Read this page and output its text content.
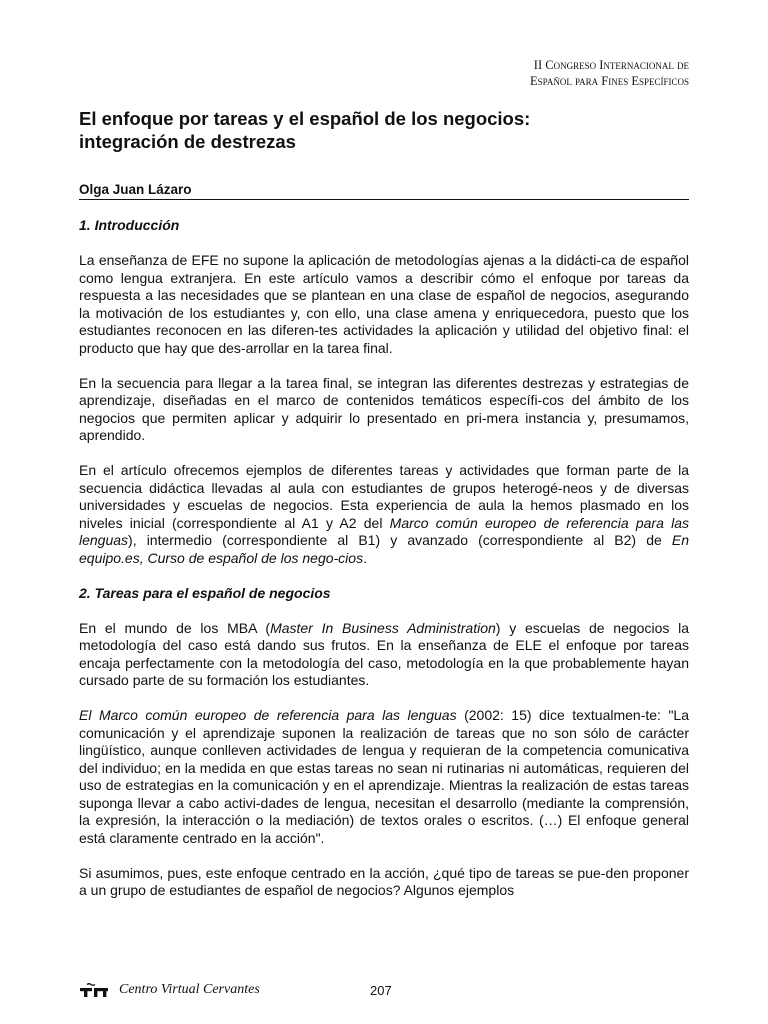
II Congreso Internacional de
Español para Fines Específicos
El enfoque por tareas y el español de los negocios:
integración de destrezas
Olga Juan Lázaro
1. Introducción

La enseñanza de EFE no supone la aplicación de metodologías ajenas a la didácti-ca de español como lengua extranjera. En este artículo vamos a describir cómo el enfoque por tareas da respuesta a las necesidades que se plantean en una clase de español de negocios, asegurando la motivación de los estudiantes y, con ello, una clase amena y enriquecedora, puesto que los estudiantes reconocen en las diferen-tes actividades la aplicación y utilidad del objetivo final: el producto que hay que des-arrollar en la tarea final.

En la secuencia para llegar a la tarea final, se integran las diferentes destrezas y estrategias de aprendizaje, diseñadas en el marco de contenidos temáticos específi-cos del ámbito de los negocios que permiten aplicar y adquirir lo presentado en pri-mera instancia y, presumamos, aprendido.

En el artículo ofrecemos ejemplos de diferentes tareas y actividades que forman parte de la secuencia didáctica llevadas al aula con estudiantes de grupos heterogé-neos y de diversas universidades y escuelas de negocios. Esta experiencia de aula la hemos plasmado en los niveles inicial (correspondiente al A1 y A2 del Marco común europeo de referencia para las lenguas), intermedio (correspondiente al B1) y avanzado (correspondiente al B2) de En equipo.es, Curso de español de los nego-cios.

2. Tareas para el español de negocios

En el mundo de los MBA (Master In Business Administration) y escuelas de negocios la metodología del caso está dando sus frutos. En la enseñanza de ELE el enfoque por tareas encaja perfectamente con la metodología del caso, metodología en la que probablemente hayan cursado parte de su formación los estudiantes.

El Marco común europeo de referencia para las lenguas (2002: 15) dice textualmen-te: "La comunicación y el aprendizaje suponen la realización de tareas que no son sólo de carácter lingüístico, aunque conlleven actividades de lengua y requieran de la competencia comunicativa del individuo; en la medida en que estas tareas no sean ni rutinarias ni automáticas, requieren del uso de estrategias en la comunicación y en el aprendizaje. Mientras la realización de estas tareas suponga llevar a cabo activi-dades de lengua, necesitan el desarrollo (mediante la comprensión, la expresión, la interacción o la mediación) de textos orales o escritos. (…) El enfoque general está claramente centrado en la acción".

Si asumimos, pues, este enfoque centrado en la acción, ¿qué tipo de tareas se pue-den proponer a un grupo de estudiantes de español de negocios? Algunos ejemplos

Centro Virtual Cervantes	207
